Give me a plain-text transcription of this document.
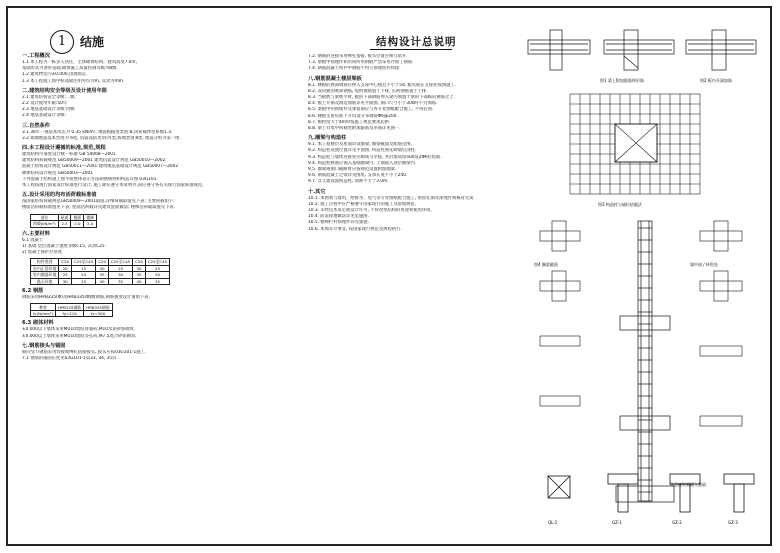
1	结施	结构设计总说明
一.工程概况
1.1 本工程为一栋多人居住，主体砌体结构，建筑高度7.8米,
基础形式为条形基础,砌体施工质量控制等级为B级.
1.2 建筑物室内±0.000,由现场定.
1.3 本工程施工图中标高除注明外均为m, 其余为mm.
二.建筑结构安全等级及设计使用年限
2.1 建筑结构安全等级:二级.
2.2 设计使用年限:50年
2.3 地基基础设计等级:丙级
2.4 地基基础设计等级:
三.自然条件
3.1 30年一遇基本风压为 0.35 kN/m², 地面粗糙度类别:B,风荷载体型系数1.3.
3.2 场地地震基本烈度为 6度, 抗震设防类别:丙类;场地类别:Ⅱ类, 地震分组为第一组.
四.本工程设计遵循的标准,规范,规程
建筑结构可靠度设计统一标准 GB 50068—2001
建筑结构荷载规范 GB50009—2001 建筑抗震设计规范 GB50010—2002
混凝土结构设计规范 GB50011—2001 建筑地基基础设计规范 GB50007—2002
砌体结构设计规范 GB50003—2001
下列混凝土结构施工图平面整体表示方法制图规则和构造详图 03G101
本工程按现行国家设计标准进行设计, 施工除应遵守本说明外,尚应遵守各有关现行国家标准规范.
五.设计采用的均布活荷载标准值
按国家结构荷载规范GB50009—2001取值,详细荷载取值见下表; 主要荷载如下:
楼面活荷载标准值见下表; 屋面活荷载详见建筑屋面做法; 楼梯活荷载取值见下表.
部位	屋面	楼面	楼梯
荷载(kN/m²)	2.5	2.0	2.0
六.主要材料
6.1 混凝土
1) 基础 垫层混凝土强度等级C15, 其余C25.
2) 混凝土保护层厚度
构件类别	C20	C25至C45	C20	C25至C45	C20	C25至C45
室内正常环境	20	15	30	25	30	25
室内潮湿环境	25	20	35	30	35	30
露天环境	30	25	40	35	40	35
6.2 钢筋
钢筋采用HPB235(Φ)及HRB335(Φ)级钢筋,钢筋强度设计值如下表.
种类	HPB235钢筋	HRB335钢筋
fy(N/mm²)	fy=210	fy=300
6.3 砌体材料
±0.000以下墙体采用MU10烧结普通砖,M10水泥砂浆砌筑.
±0.000以上墙体采用MU10烧结多孔砖,M7.5混合砂浆砌筑.
七.钢筋接头与锚固
纵向受力钢筋采用焊接或绑扎搭接接头, 接头应按03G101-1施工.
7.1 钢筋的锚固长度见03G101-1第33, 34, 35页.
7.2. 钢筋的连接采用绑扎搭接, 接头位置应相互错开.
7.3. 梁板中预埋件和吊钩所用钢筋严禁采用冷加工钢筋.
7.4. 钢筋混凝土构件中钢筋不得与预埋铁件焊接.
八.钢筋混凝土楼层梁板
8.1. 楼板的底部钢筋应伸入支座中心线且不小于5d, 板负筋在支座处按图施工.
8.2. 双向板的底部钢筋, 短跨钢筋置于下排, 长跨钢筋置于上排.
8.3. 当板底与梁底平时, 板的下部钢筋伸入梁内须置于梁的下部纵向钢筋之上.
8.4. 板上开洞及洞边加筋详见平面图, 洞口尺寸小于300时不另加筋.
8.5. 梁板中的预埋件及预留洞应与各专业图纸配合施工, 不得后凿.
8.6. 楼板支座负筋下方均设分布钢筋Φ6@200.
8.7. 板跨度大于4m时按施工规范要求起拱.
8.8. 梁上有集中荷载处附加箍筋及吊筋详见图一.
九.圈梁与构造柱
9.1. 本工程楼层及屋面均设圈梁, 圈梁截面及配筋见图.
9.2. 构造柱设置位置详见平面图, 构造柱须先砌墙后浇柱.
9.3. 构造柱与墙体连接处应砌成马牙槎, 并沿墙高每500设2Φ6拉结筋.
9.4. 构造柱纵筋应锚入基础圈梁内, 上端锚入顶层圈梁内.
9.5. 圈梁遇洞口截断时应按规范设置附加圈梁.
9.6. 钢筋混凝土过梁详见图集, 支承长度不小于240.
9.7. 女儿墙设置构造柱, 间距不大于3.0m.
十.其它
10.1. 本图须与建筑、给排水、电气等专业图纸配合施工, 预留孔洞及预埋件须核对无误.
10.2. 施工过程中应严格遵守国家现行的施工及验收规范.
10.3. 未经技术鉴定或设计许可, 不得改变结构的用途和使用环境.
10.4. 防雷接地做法详见电施图.
10.5. 楼梯栏杆预埋件详见建施.
10.6. 本图未尽事宜, 按国家现行规范及规程执行.
图1 梁上附加箍筋和吊筋	图2 板内开洞加筋
图3 构造柱与墙拉结做法
图4 圈梁截面	墙中部 / 转角处
构造柱纵筋锚入基础
QL-1	GZ-1	GZ-2	GZ-3
